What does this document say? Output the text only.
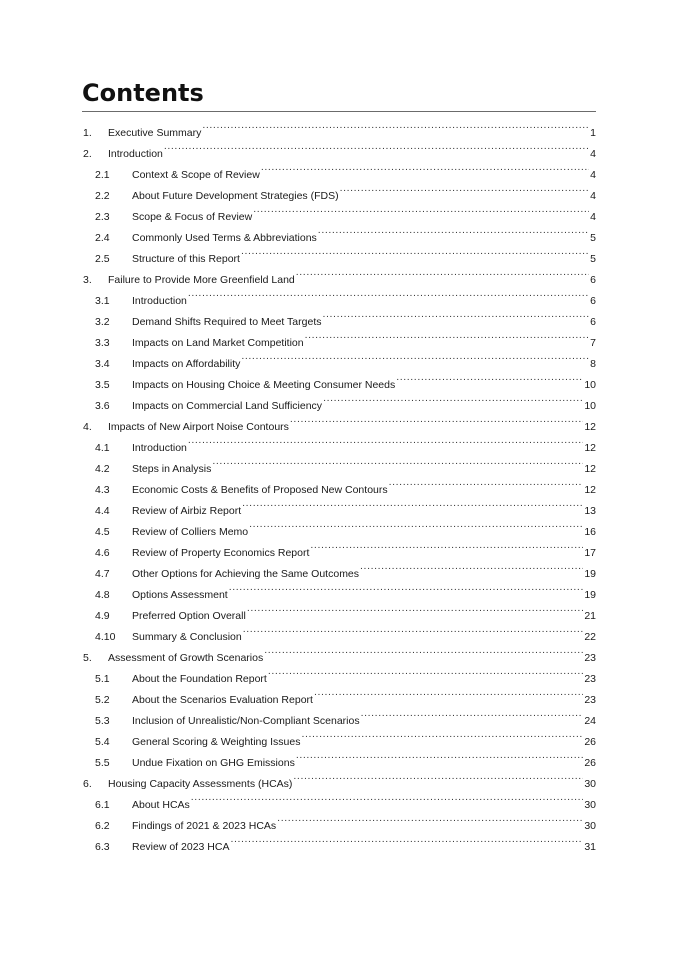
Contents
1.	Executive Summary .....	1
2.	Introduction .....	4
2.1	Context & Scope of Review .....	4
2.2	About Future Development Strategies (FDS) .....	4
2.3	Scope & Focus of Review .....	4
2.4	Commonly Used Terms & Abbreviations .....	5
2.5	Structure of this Report .....	5
3.	Failure to Provide More Greenfield Land .....	6
3.1	Introduction .....	6
3.2	Demand Shifts Required to Meet Targets .....	6
3.3	Impacts on Land Market Competition .....	7
3.4	Impacts on Affordability .....	8
3.5	Impacts on Housing Choice & Meeting Consumer Needs .....	10
3.6	Impacts on Commercial Land Sufficiency .....	10
4.	Impacts of New Airport Noise Contours .....	12
4.1	Introduction .....	12
4.2	Steps in Analysis .....	12
4.3	Economic Costs & Benefits of Proposed New Contours .....	12
4.4	Review of Airbiz Report .....	13
4.5	Review of Colliers Memo .....	16
4.6	Review of Property Economics Report .....	17
4.7	Other Options for Achieving the Same Outcomes .....	19
4.8	Options Assessment .....	19
4.9	Preferred Option Overall .....	21
4.10	Summary & Conclusion .....	22
5.	Assessment of Growth Scenarios .....	23
5.1	About the Foundation Report .....	23
5.2	About the Scenarios Evaluation Report .....	23
5.3	Inclusion of Unrealistic/Non-Compliant Scenarios .....	24
5.4	General Scoring & Weighting Issues .....	26
5.5	Undue Fixation on GHG Emissions .....	26
6.	Housing Capacity Assessments (HCAs) .....	30
6.1	About HCAs .....	30
6.2	Findings of 2021 & 2023 HCAs .....	30
6.3	Review of 2023 HCA .....	31
